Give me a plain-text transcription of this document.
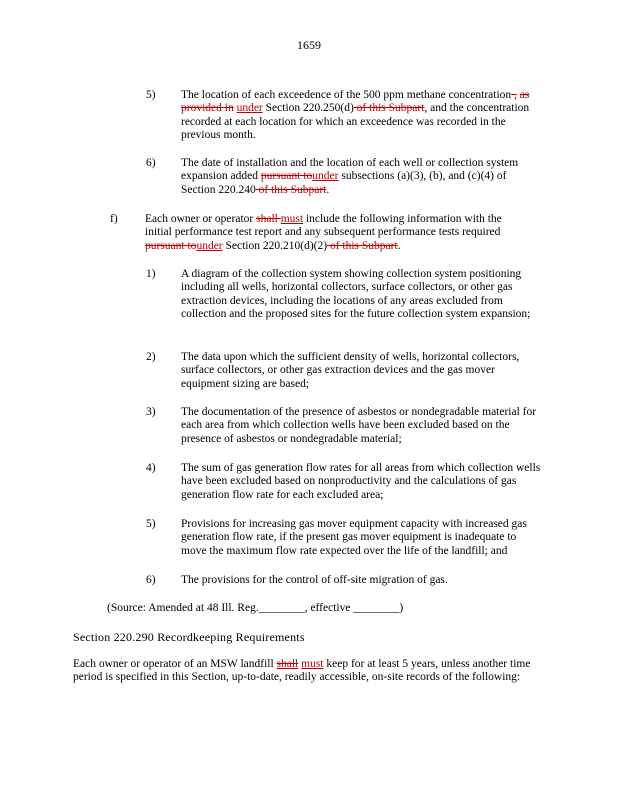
1659
5) The location of each exceedence of the 500 ppm methane concentration , as provided in under Section 220.250(d) of this Subpart, and the concentration recorded at each location for which an exceedence was recorded in the previous month.
6) The date of installation and the location of each well or collection system expansion added pursuant tounder subsections (a)(3), (b), and (c)(4) of Section 220.240 of this Subpart.
f) Each owner or operator shall must include the following information with the initial performance test report and any subsequent performance tests required pursuant tounder Section 220.210(d)(2) of this Subpart.
1) A diagram of the collection system showing collection system positioning including all wells, horizontal collectors, surface collectors, or other gas extraction devices, including the locations of any areas excluded from collection and the proposed sites for the future collection system expansion;
2) The data upon which the sufficient density of wells, horizontal collectors, surface collectors, or other gas extraction devices and the gas mover equipment sizing are based;
3) The documentation of the presence of asbestos or nondegradable material for each area from which collection wells have been excluded based on the presence of asbestos or nondegradable material;
4) The sum of gas generation flow rates for all areas from which collection wells have been excluded based on nonproductivity and the calculations of gas generation flow rate for each excluded area;
5) Provisions for increasing gas mover equipment capacity with increased gas generation flow rate, if the present gas mover equipment is inadequate to move the maximum flow rate expected over the life of the landfill; and
6) The provisions for the control of off-site migration of gas.
(Source: Amended at 48 Ill. Reg.________, effective ________)
Section 220.290 Recordkeeping Requirements
Each owner or operator of an MSW landfill shall must keep for at least 5 years, unless another time period is specified in this Section, up-to-date, readily accessible, on-site records of the following:
